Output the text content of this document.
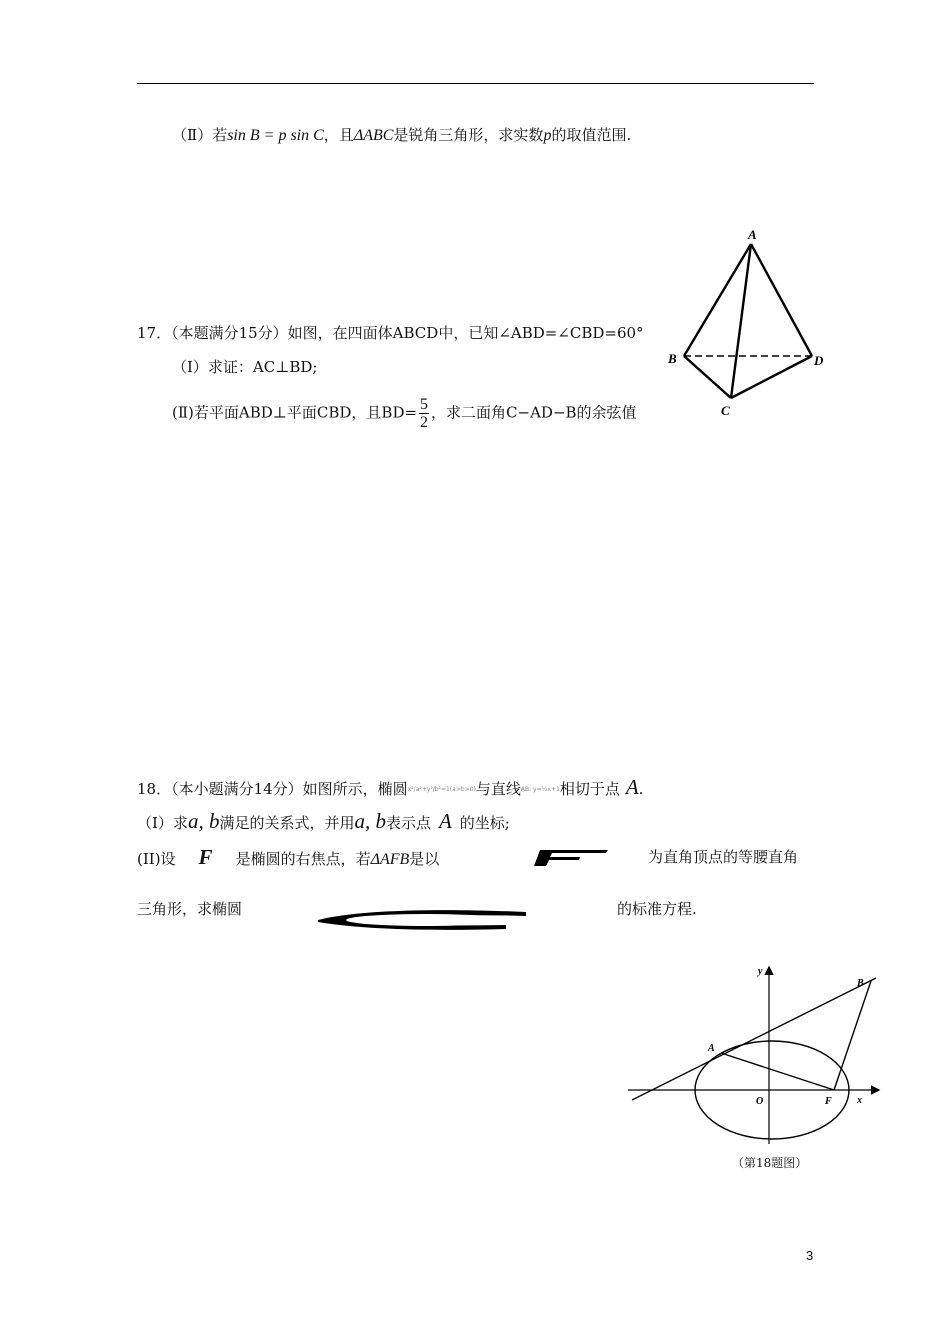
（Ⅱ）若sin B = p sin C，且ΔABC是锐角三角形，求实数p的取值范围.
17．（本题满分15分）如图，在四面体ABCD中，已知∠ABD=∠CBD=60°
（Ⅰ）求证：AC⊥BD;
(Ⅱ)若平面ABD⊥平面CBD，且$BD= \frac{5}{2}$ ，求二面角C−AD−B的余弦值
A
B
C
D
18．（本小题满分14分）如图所示，椭圆x²/a²+y²/b²=1(a>b>0)与直线AB: y=½x+1相切于点 A.
（I）求a, b满足的关系式，并用a, b表示点 A 的坐标;
(II)设 F 是椭圆的右焦点，若ΔAFB是以	为直角顶点的等腰直角
三角形，求椭圆	的标准方程.
y
x
O
A
B
F
（第18题图）
3
